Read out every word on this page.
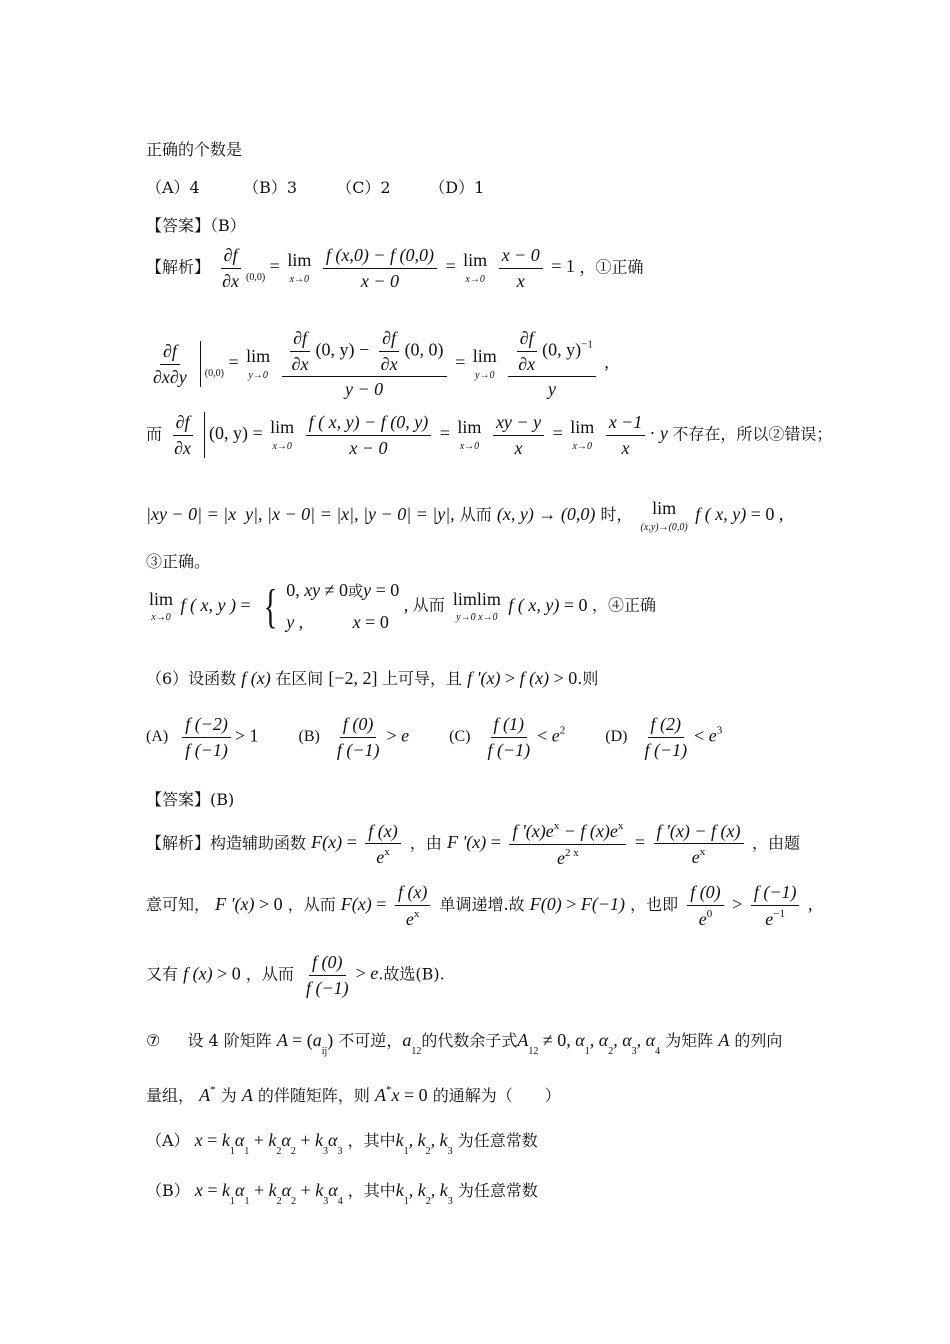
正确的个数是
（A）4	（B）3 （C）2 （D）1
【答案】（B）
【解析】 $\frac{\partial f}{\partial x} _{(0,0)} = \lim$
x→0
$\frac{f (x,0) - f (0,0)}{x - 0} = \lim$
x→0
$\frac{x - 0}{x} = 1$ ，①正确
$\frac{\partial f}{\partial x\partial y} _{(0,0)} = \lim$
y→0
$\frac{\frac{\partial f}{\partial x} (0, y) - \frac{\partial f}{\partial x} (0, 0)}{y - 0} = \lim$
y→0
$\frac{\frac{\partial f}{\partial x} (0, y)^{-1}}{y}$ ,
而 $\frac{\partial f}{\partial x} (0$, y) = lim
x→0
$\frac{f ( x, y) - f (0, y)}{x - 0} = \lim$
x→0
$\frac{xy - y}{x} = \lim$
x→0
$\frac{x -1}{x} \cdot y$ 不存在，所以②错误；
|xy − 0| = |x  y|, |x − 0| = |x|, |y − 0| = |y|, 从而 (x, y) → (0,0) 时， lim
(x,y)→(0,0)
f ( x, y) = 0 ,
③正确。
lim
x→0
f ( x, y ) = { 0, xy ≠ 0或y = 0
y ,           x = 0
, 从而 limlim
y→0 x→0
f ( x, y) = 0 ，④正确
（6）设函数 f (x) 在区间 [−2, 2] 上可导，且 f '(x) > f (x) > 0.则
$(A) \frac{f (-2)}{f (-1)} > 1$	$(B) \frac{f (0)}{f (-1)} > e$	$(C) \frac{f (1)}{f (-1)} < e^2$	$(D) \frac{f (2)}{f (-1)} < e^3$
【答案】(B)
【解析】构造辅助函数 $F(x) = \frac{f (x)}{e^x}$ ，由 F '$(x) = \frac{f '(x)e^x - f (x)e^x}{e^{2 x}} = \frac{f '(x) - f (x)}{e^x}$ ，由题
意可知， F '(x) > 0 ，从而 $F(x) = \frac{f (x)}{e^x}$ 单调递增.故 F(0) > F(−1) ，也即 $\frac{f (0)}{e^0} > \frac{f (-1)}{e^{-1}}$ ,
又有 f (x) > 0 ，从而 $\frac{f (0)}{f (-1)} > e$.故选(B).
⑦ 设 4 阶矩阵 $A = (a_{ij})$ 不可逆，$a_{12}$的代数余子式$A_{12} \ne 0$, $\alpha_1$, $\alpha_2$, $\alpha_3$, $\alpha_4$ 为矩阵 A 的列向
量组， A* 为 A 的伴随矩阵，则 A*x = 0 的通解为（　　）
（A） $x = k_1\alpha_1 + k_2\alpha_2 + k_3\alpha_3$ ，其中$k_1$, $k_2$, $k_3$ 为任意常数
（B） $x = k_1\alpha_1 + k_2\alpha_2 + k_3\alpha_4$ ，其中$k_1$, $k_2$, $k_3$ 为任意常数
